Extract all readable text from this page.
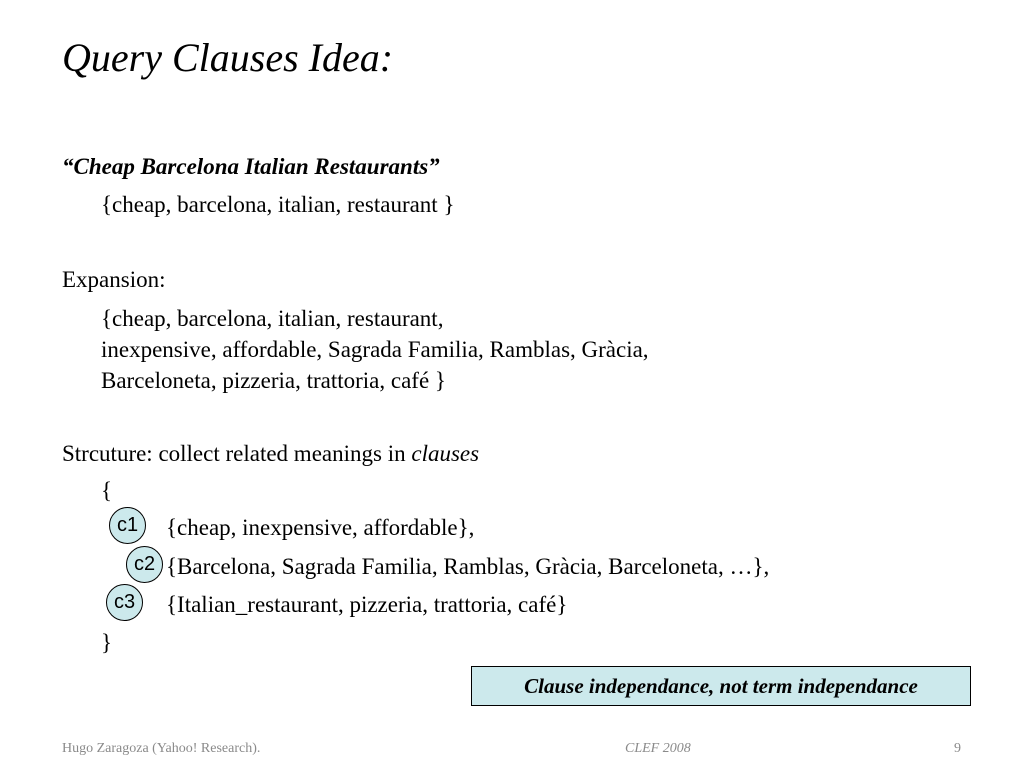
Query Clauses Idea:
“Cheap Barcelona Italian Restaurants”
{cheap, barcelona, italian, restaurant }
Expansion:
{cheap, barcelona, italian, restaurant,
inexpensive, affordable, Sagrada Familia, Ramblas, Gràcia,
Barceloneta, pizzeria, trattoria, café }
Strcuture: collect related meanings in clauses
{
c1	{cheap, inexpensive, affordable},
c2 {Barcelona, Sagrada Familia, Ramblas, Gràcia, Barceloneta, …},
c3	{Italian_restaurant, pizzeria, trattoria, café}
}
Clause independance, not term independance
Hugo Zaragoza (Yahoo! Research).	CLEF 2008	9
